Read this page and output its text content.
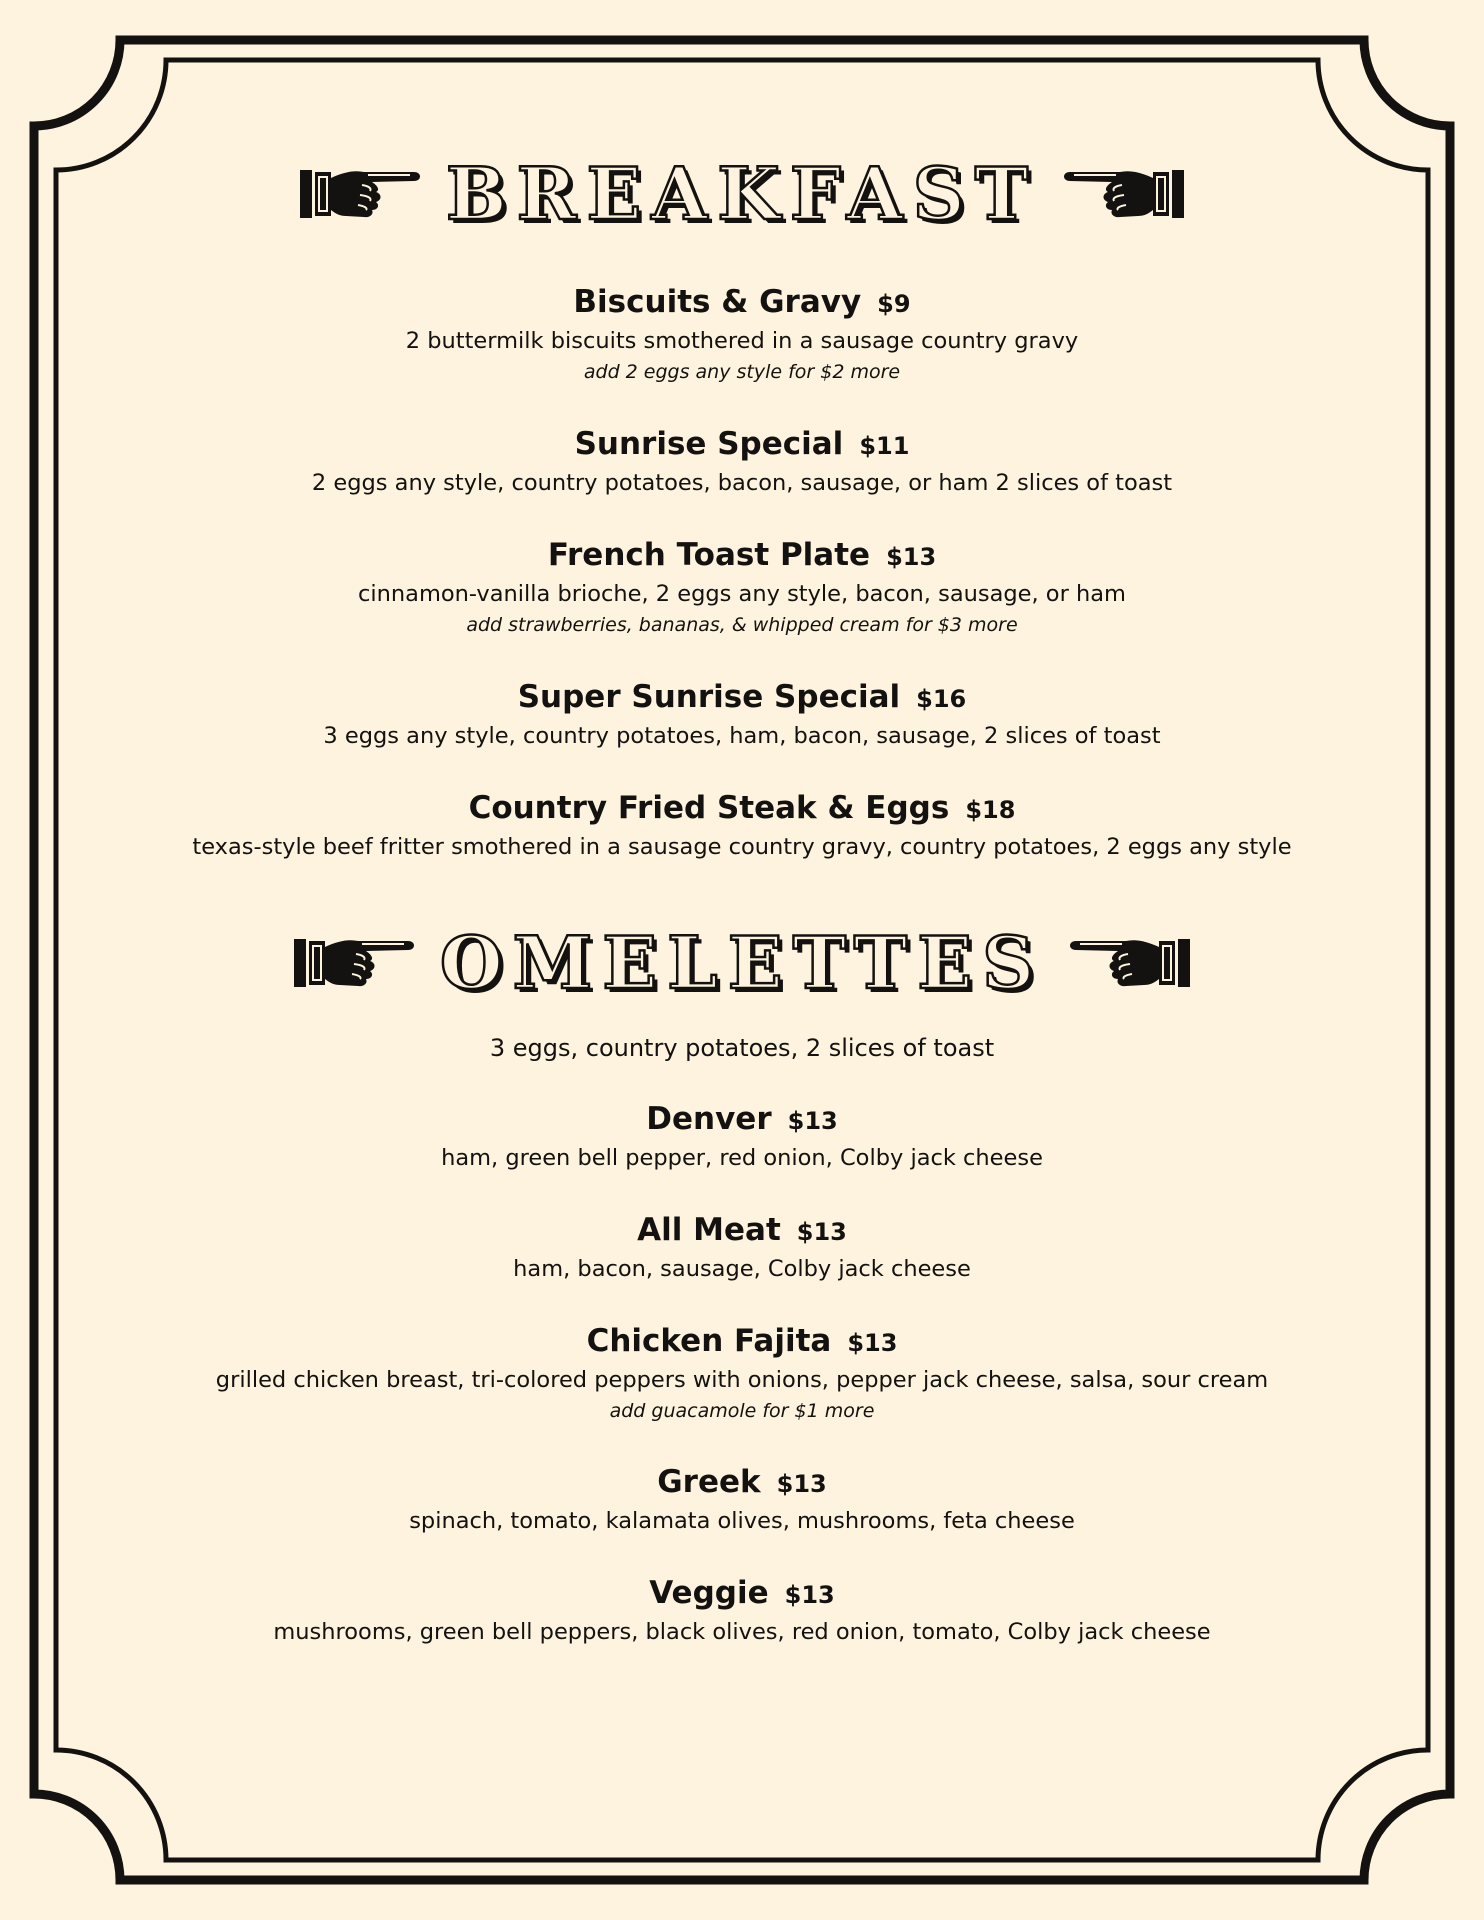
BREAKFAST
Biscuits & Gravy $9
2 buttermilk biscuits smothered in a sausage country gravy
add 2 eggs any style for $2 more
Sunrise Special $11
2 eggs any style, country potatoes, bacon, sausage, or ham 2 slices of toast
French Toast Plate $13
cinnamon-vanilla brioche, 2 eggs any style, bacon, sausage, or ham
add strawberries, bananas, & whipped cream for $3 more
Super Sunrise Special $16
3 eggs any style, country potatoes, ham, bacon, sausage, 2 slices of toast
Country Fried Steak & Eggs $18
texas-style beef fritter smothered in a sausage country gravy, country potatoes, 2 eggs any style
OMELETTES
3 eggs, country potatoes, 2 slices of toast
Denver $13
ham, green bell pepper, red onion, Colby jack cheese
All Meat $13
ham, bacon, sausage, Colby jack cheese
Chicken Fajita $13
grilled chicken breast, tri-colored peppers with onions, pepper jack cheese, salsa, sour cream
add guacamole for $1 more
Greek $13
spinach, tomato, kalamata olives, mushrooms, feta cheese
Veggie $13
mushrooms, green bell peppers, black olives, red onion, tomato, Colby jack cheese
